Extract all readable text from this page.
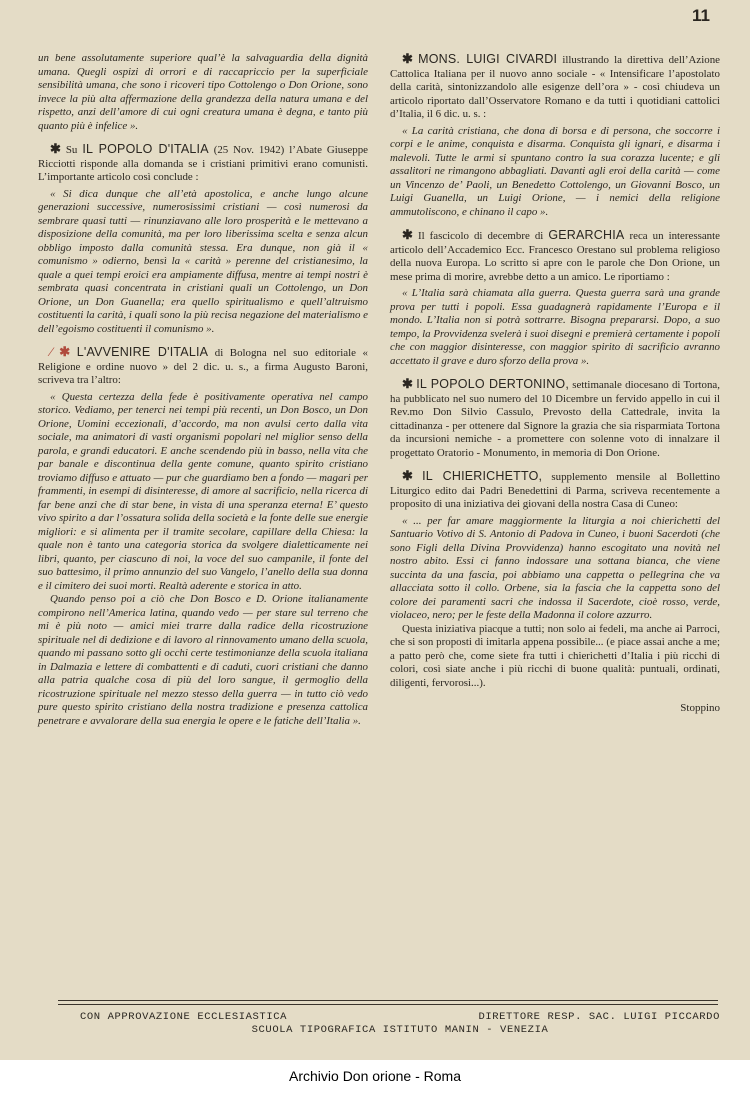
11

un bene assolutamente superiore qual’è la salvaguardia della dignità umana. Quegli ospizi di orrori e di raccapriccio per la superficiale sensibilità umana, che sono i ricoveri tipo Cottolengo o Don Orione, sono invece la più alta affermazione della grandezza della natura umana e del rispetto, anzi dell’amore di cui ogni creatura umana è degna, e tanto più quanto più è infelice ».

✱ Su IL POPOLO D'ITALIA (25 Nov. 1942) l’Abate Giuseppe Ricciotti risponde alla domanda se i cristiani primitivi erano comunisti. L’importante articolo così conclude :

« Si dica dunque che all’età apostolica, e anche lungo alcune generazioni successive, numerosissimi cristiani — così numerosi da sembrare quasi tutti — rinunziavano alle loro prosperità e le mettevano a disposizione della comunità, ma per loro liberissima scelta e senza alcun obbligo imposto dalla comunità stessa. Era dunque, non già il « comunismo » odierno, bensì la « carità » perenne del cristianesimo, la quale a quei tempi eroici era ampiamente diffusa, mentre ai tempi nostri è sembrata quasi concentrata in cristiani quali un Cottolengo, un Don Orione, un Don Guanella; era quello spiritualismo e quell’altruismo costituenti la carità, i quali sono la più recisa negazione del materialismo e dell’egoismo costituenti il comunismo ».

⁄ ✱ L'AVVENIRE D'ITALIA di Bologna nel suo editoriale « Religione e ordine nuovo » del 2 dic. u. s., a firma Augusto Baroni, scriveva tra l’altro:

« Questa certezza della fede è positivamente operativa nel campo storico. Vediamo, per tenerci nei tempi più recenti, un Don Bosco, un Don Orione, Uomini eccezionali, d’accordo, ma non avulsi certo dalla vita sociale, ma animatori di vasti organismi popolari nel miglior senso della parola, e grandi educatori. E anche scendendo più in basso, nella vita che par banale e discontinua della gente comune, quanto spirito cristiano troviamo diffuso e attuato — pur che guardiamo ben a fondo — magari per frammenti, in esempi di disinteresse, di amore al sacrificio, nella ricerca di far bene anzi che di star bene, in vista di una speranza eterna! E’ questo vivo spirito a dar l’ossatura solida della società e la fonte delle sue energie migliori: e si alimenta per il tramite secolare, capillare della Chiesa: la quale non è tanto una categoria storica da svolgere dialetticamente nei libri, quanto, per ciascuno di noi, la voce del suo campanile, il fonte del suo battesimo, il primo annunzio del suo Vangelo, l’anello della sua donna e il cimitero dei suoi morti. Realtà aderente e storica in atto.

Quando penso poi a ciò che Don Bosco e D. Orione italianamente compirono nell’America latina, quando vedo — per stare sul terreno che mi è più noto — amici miei trarre dalla radice della ricostruzione spirituale nel di dedizione e di lavoro al rinnovamento umano della scuola, quando mi passano sotto gli occhi certe testimonianze della scuola italiana in Dalmazia e lettere di combattenti e di caduti, cuori cristiani che danno alla patria qualche cosa di più del loro sangue, il germoglio della ricostruzione spirituale nel mezzo stesso della guerra — in tutto ciò vedo pure questo spirito cristiano della nostra tradizione e presenza cattolica penetrare e avvalorare della sua energia le opere e le fatiche dell’Italia ».

✱ MONS. LUIGI CIVARDI illustrando la direttiva dell’Azione Cattolica Italiana per il nuovo anno sociale - « Intensificare l’apostolato della carità, sintonizzandolo alle esigenze dell’ora » - così chiudeva un articolo riportato dall’Osservatore Romano e da tutti i quotidiani cattolici d’Italia, il 6 dic. u. s. :

« La carità cristiana, che dona di borsa e di persona, che soccorre i corpi e le anime, conquista e disarma. Conquista gli ignari, e disarma i malevoli. Tutte le armi si spuntano contro la sua corazza lucente; e gli assalitori ne rimangono abbagliati. Davanti agli eroi della carità — come un Vincenzo de’ Paoli, un Benedetto Cottolengo, un Giovanni Bosco, un Luigi Guanella, un Luigi Orione, — i nemici della religione ammutoliscono, e chinano il capo ».

✱ Il fascicolo di decembre di GERARCHIA reca un interessante articolo dell’Accademico Ecc. Francesco Orestano sul problema religioso della nuova Europa. Lo scritto si apre con le parole che Don Orione, un mese prima di morire, avrebbe detto a un amico. Le riportiamo :

« L’Italia sarà chiamata alla guerra. Questa guerra sarà una grande prova per tutti i popoli. Essa guadagnerà rapidamente l’Europa e il mondo. L’Italia non si potrà sottrarre. Bisogna prepararsi. Dopo, a suo tempo, la Provvidenza svelerà i suoi disegni e premierà certamente i popoli che con maggior disinteresse, con maggior spirito di sacrificio avranno accettato il grave e duro sforzo della prova ».

✱ IL POPOLO DERTONINO, settimanale diocesano di Tortona, ha pubblicato nel suo numero del 10 Dicembre un fervido appello in cui il Rev.mo Don Silvio Cassulo, Prevosto della Cattedrale, invita la cittadinanza - per ottenere dal Signore la grazia che sia risparmiata Tortona da incursioni nemiche - a promettere con solenne voto di innalzare il progettato Oratorio - Monumento, in memoria di Don Orione.

✱ IL CHIERICHETTO, supplemento mensile al Bollettino Liturgico edito dai Padri Benedettini di Parma, scriveva recentemente a proposito di una iniziativa dei giovani della nostra Casa di Cuneo:

« ... per far amare maggiormente la liturgia a noi chierichetti del Santuario Votivo di S. Antonio di Padova in Cuneo, i buoni Sacerdoti (che sono Figli della Divina Provvidenza) hanno escogitato una novità nel nostro abito. Essi ci fanno indossare una sottana bianca, che viene succinta da una fascia, poi abbiamo una cappetta o pellegrina che va allacciata sotto il collo. Orbene, sia la fascia che la cappetta sono del colore dei paramenti sacri che indossa il Sacerdote, cioè rosso, verde, violaceo, nero; per le feste della Madonna il colore azzurro.

Questa iniziativa piacque a tutti; non solo ai fedeli, ma anche ai Parroci, che si son proposti di imitarla appena possibile... (e piace assai anche a me; a patto però che, come siete fra tutti i chierichetti d’Italia i più ricchi di colori, così siate anche i più ricchi di buone qualità: puntuali, ordinati, diligenti, fervorosi...).

Stoppino

CON APPROVAZIONE ECCLESIASTICA	DIRETTORE RESP. SAC. LUIGI PICCARDO
SCUOLA TIPOGRAFICA ISTITUTO MANIN - VENEZIA
Archivio Don orione - Roma
